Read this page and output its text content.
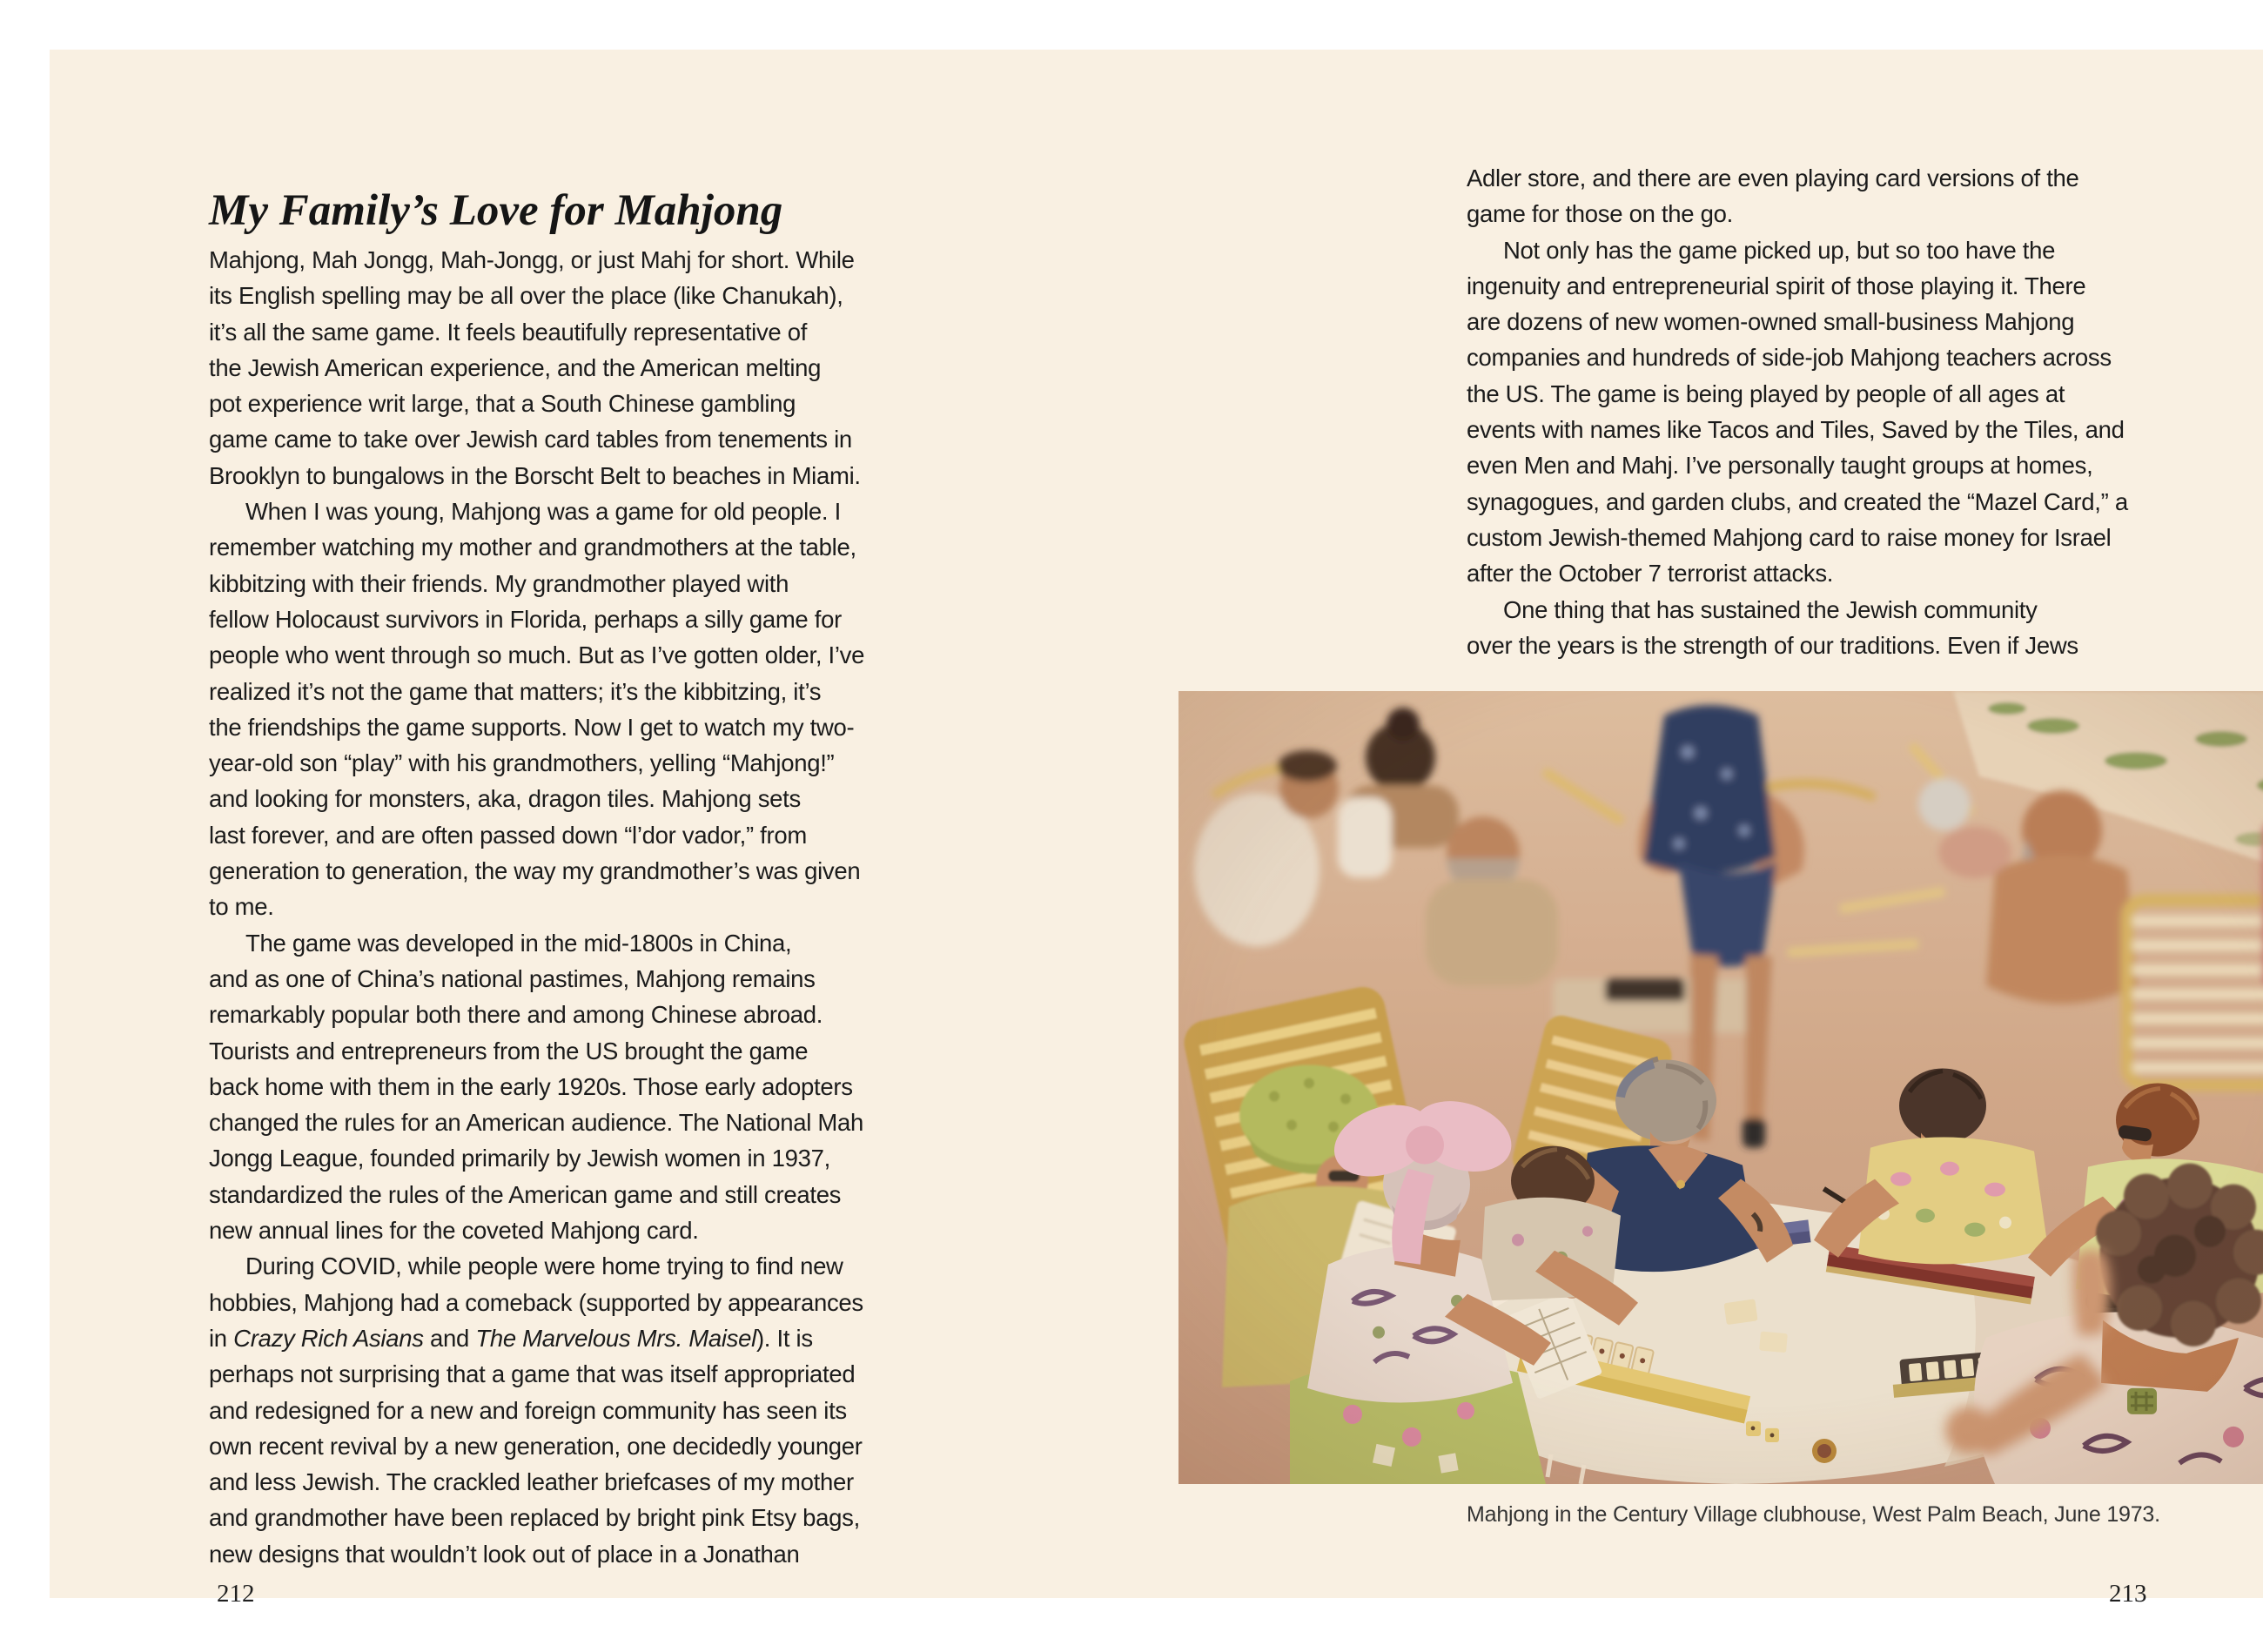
My Family’s Love for Mahjong

Mahjong, Mah Jongg, Mah-Jongg, or just Mahj for short. While
its English spelling may be all over the place (like Chanukah),
it’s all the same game. It feels beautifully representative of
the Jewish American experience, and the American melting
pot experience writ large, that a South Chinese gambling
game came to take over Jewish card tables from tenements in
Brooklyn to bungalows in the Borscht Belt to beaches in Miami.

When I was young, Mahjong was a game for old people. I
remember watching my mother and grandmothers at the table,
kibbitzing with their friends. My grandmother played with
fellow Holocaust survivors in Florida, perhaps a silly game for
people who went through so much. But as I’ve gotten older, I’ve
realized it’s not the game that matters; it’s the kibbitzing, it’s
the friendships the game supports. Now I get to watch my two-
year-old son “play” with his grandmothers, yelling “Mahjong!”
and looking for monsters, aka, dragon tiles. Mahjong sets
last forever, and are often passed down “l’dor vador,” from
generation to generation, the way my grandmother’s was given
to me.

The game was developed in the mid-1800s in China,
and as one of China’s national pastimes, Mahjong remains
remarkably popular both there and among Chinese abroad.
Tourists and entrepreneurs from the US brought the game
back home with them in the early 1920s. Those early adopters
changed the rules for an American audience. The National Mah
Jongg League, founded primarily by Jewish women in 1937,
standardized the rules of the American game and still creates
new annual lines for the coveted Mahjong card.

During COVID, while people were home trying to find new
hobbies, Mahjong had a comeback (supported by appearances
in Crazy Rich Asians and The Marvelous Mrs. Maisel). It is
perhaps not surprising that a game that was itself appropriated
and redesigned for a new and foreign community has seen its
own recent revival by a new generation, one decidedly younger
and less Jewish. The crackled leather briefcases of my mother
and grandmother have been replaced by bright pink Etsy bags,
new designs that wouldn’t look out of place in a Jonathan

Adler store, and there are even playing card versions of the
game for those on the go.

Not only has the game picked up, but so too have the
ingenuity and entrepreneurial spirit of those playing it. There
are dozens of new women-owned small-business Mahjong
companies and hundreds of side-job Mahjong teachers across
the US. The game is being played by people of all ages at
events with names like Tacos and Tiles, Saved by the Tiles, and
even Men and Mahj. I’ve personally taught groups at homes,
synagogues, and garden clubs, and created the “Mazel Card,” a
custom Jewish-themed Mahjong card to raise money for Israel
after the October 7 terrorist attacks.

One thing that has sustained the Jewish community
over the years is the strength of our traditions. Even if Jews

Mahjong in the Century Village clubhouse, West Palm Beach, June 1973.
212	213
